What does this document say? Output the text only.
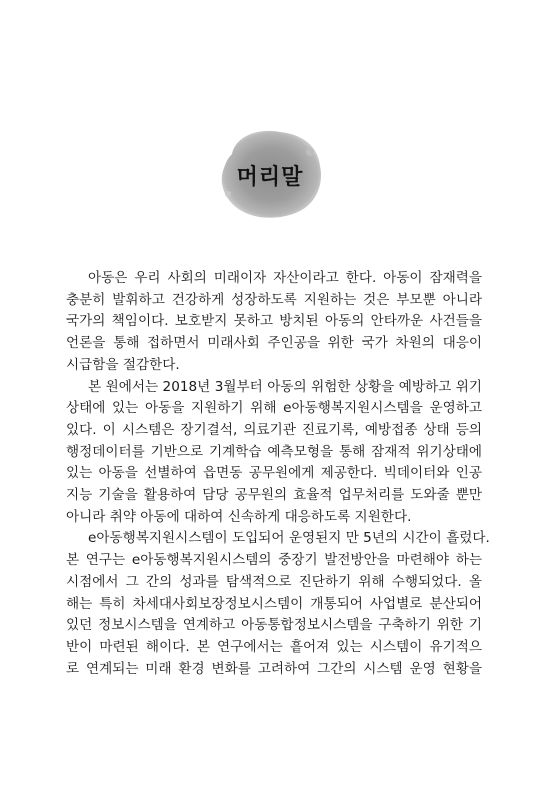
머리말
아동은 우리 사회의 미래이자 자산이라고 한다. 아동이 잠재력을
충분히 발휘하고 건강하게 성장하도록 지원하는 것은 부모뿐 아니라
국가의 책임이다. 보호받지 못하고 방치된 아동의 안타까운 사건들을
언론을 통해 접하면서 미래사회 주인공을 위한 국가 차원의 대응이
시급함을 절감한다.
본 원에서는 2018년 3월부터 아동의 위험한 상황을 예방하고 위기
상태에 있는 아동을 지원하기 위해 e아동행복지원시스템을 운영하고
있다. 이 시스템은 장기결석, 의료기관 진료기록, 예방접종 상태 등의
행정데이터를 기반으로 기계학습 예측모형을 통해 잠재적 위기상태에
있는 아동을 선별하여 읍면동 공무원에게 제공한다. 빅데이터와 인공
지능 기술을 활용하여 담당 공무원의 효율적 업무처리를 도와줄 뿐만
아니라 취약 아동에 대하여 신속하게 대응하도록 지원한다.
e아동행복지원시스템이 도입되어 운영된지 만 5년의 시간이 흘렀다.
본 연구는 e아동행복지원시스템의 중장기 발전방안을 마련해야 하는
시점에서 그 간의 성과를 탐색적으로 진단하기 위해 수행되었다. 올
해는 특히 차세대사회보장정보시스템이 개통되어 사업별로 분산되어
있던 정보시스템을 연계하고 아동통합정보시스템을 구축하기 위한 기
반이 마련된 해이다. 본 연구에서는 흩어져 있는 시스템이 유기적으
로 연계되는 미래 환경 변화를 고려하여 그간의 시스템 운영 현황을
